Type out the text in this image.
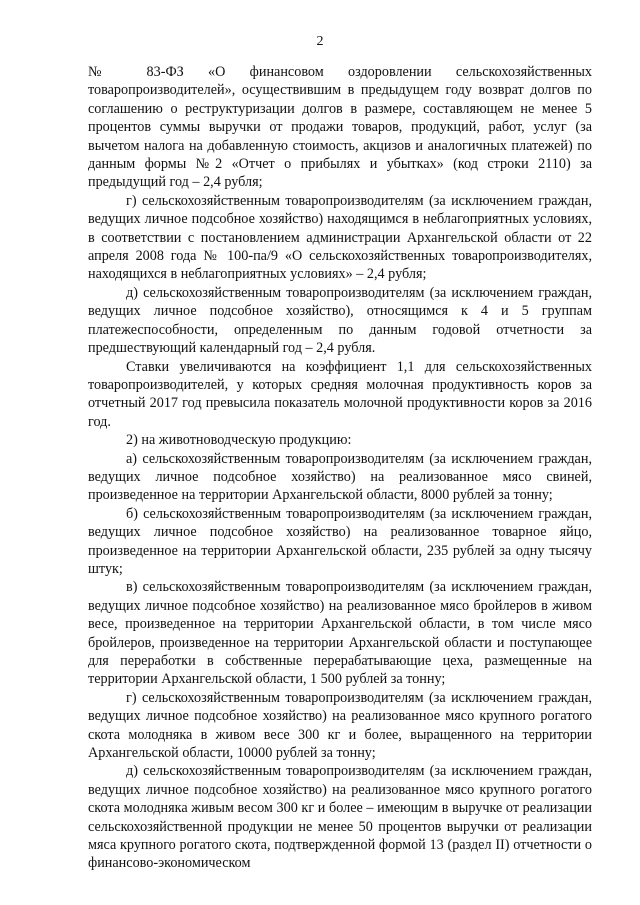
2

№ 83-ФЗ «О финансовом оздоровлении сельскохозяйственных товаропроизводителей», осуществившим в предыдущем году возврат долгов по соглашению о реструктуризации долгов в размере, составляющем не менее 5 процентов суммы выручки от продажи товаров, продукций, работ, услуг (за вычетом налога на добавленную стоимость, акцизов и аналогичных платежей) по данным формы №2 «Отчет о прибылях и убытках» (код строки 2110) за предыдущий год – 2,4 рубля;

г) сельскохозяйственным товаропроизводителям (за исключением граждан, ведущих личное подсобное хозяйство) находящимся в неблагоприятных условиях, в соответствии с постановлением администрации Архангельской области от 22 апреля 2008 года № 100-па/9 «О сельскохозяйственных товаропроизводителях, находящихся в неблагоприятных условиях» – 2,4 рубля;

д) сельскохозяйственным товаропроизводителям (за исключением граждан, ведущих личное подсобное хозяйство), относящимся к 4 и 5 группам платежеспособности, определенным по данным годовой отчетности за предшествующий календарный год – 2,4 рубля.

Ставки увеличиваются на коэффициент 1,1 для сельскохозяйственных товаропроизводителей, у которых средняя молочная продуктивность коров за отчетный 2017 год превысила показатель молочной продуктивности коров за 2016 год.

2) на животноводческую продукцию:

а) сельскохозяйственным товаропроизводителям (за исключением граждан, ведущих личное подсобное хозяйство) на реализованное мясо свиней, произведенное на территории Архангельской области, 8000 рублей за тонну;

б) сельскохозяйственным товаропроизводителям (за исключением граждан, ведущих личное подсобное хозяйство) на реализованное товарное яйцо, произведенное на территории Архангельской области, 235 рублей за одну тысячу штук;

в) сельскохозяйственным товаропроизводителям (за исключением граждан, ведущих личное подсобное хозяйство) на реализованное мясо бройлеров в живом весе, произведенное на территории Архангельской области, в том числе мясо бройлеров, произведенное на территории Архангельской области и поступающее для переработки в собственные перерабатывающие цеха, размещенные на территории Архангельской области, 1 500 рублей за тонну;

г) сельскохозяйственным товаропроизводителям (за исключением граждан, ведущих личное подсобное хозяйство) на реализованное мясо крупного рогатого скота молодняка в живом весе 300 кг и более, выращенного на территории Архангельской области, 10000 рублей за тонну;

д) сельскохозяйственным товаропроизводителям (за исключением граждан, ведущих личное подсобное хозяйство) на реализованное мясо крупного рогатого скота молодняка живым весом 300 кг и более – имеющим в выручке от реализации сельскохозяйственной продукции не менее 50 процентов выручки от реализации мяса крупного рогатого скота, подтвержденной формой 13 (раздел II) отчетности о финансово-экономическом
